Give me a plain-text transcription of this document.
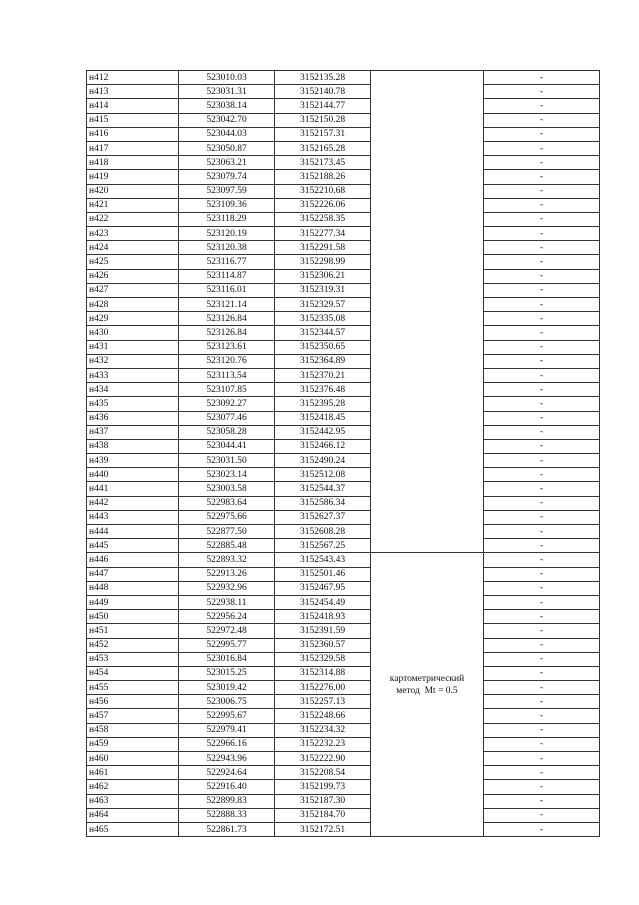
н412	523010.03	3152135.28		-
н413	523031.31	3152140.78		-
н414	523038.14	3152144.77		-
н415	523042.70	3152150.28		-
н416	523044.03	3152157.31		-
н417	523050.87	3152165.28		-
н418	523063.21	3152173.45		-
н419	523079.74	3152188.26		-
н420	523097.59	3152210.68		-
н421	523109.36	3152226.06		-
н422	523118.29	3152258.35		-
н423	523120.19	3152277.34		-
н424	523120.38	3152291.58		-
н425	523116.77	3152298.99		-
н426	523114.87	3152306.21		-
н427	523116.01	3152319.31		-
н428	523121.14	3152329.57		-
н429	523126.84	3152335.08		-
н430	523126.84	3152344.57		-
н431	523123.61	3152350.65		-
н432	523120.76	3152364.89		-
н433	523113.54	3152370.21		-
н434	523107.85	3152376.48		-
н435	523092.27	3152395.28		-
н436	523077.46	3152418.45		-
н437	523058.28	3152442.95		-
н438	523044.41	3152466.12		-
н439	523031.50	3152490.24		-
н440	523023.14	3152512.08		-
н441	523003.58	3152544.37		-
н442	522983.64	3152586.34		-
н443	522975.66	3152627.37		-
н444	522877.50	3152608.28		-
н445	522885.48	3152567.25		-
н446	522893.32	3152543.43	картометрический
метод  Mt = 0.5	-
н447	522913.26	3152501.46		-
н448	522932.96	3152467.95		-
н449	522938.11	3152454.49		-
н450	522956.24	3152418.93		-
н451	522972.48	3152391.59		-
н452	522995.77	3152360.57		-
н453	523016.84	3152329.58		-
н454	523015.25	3152314.88		-
н455	523019.42	3152276.00		-
н456	523006.75	3152257.13		-
н457	522995.67	3152248.66		-
н458	522979.41	3152234.32		-
н459	522966.16	3152232.23		-
н460	522943.96	3152222.90		-
н461	522924.64	3152208.54		-
н462	522916.40	3152199.73		-
н463	522899.83	3152187.30		-
н464	522888.33	3152184.70		-
н465	522861.73	3152172.51		-
